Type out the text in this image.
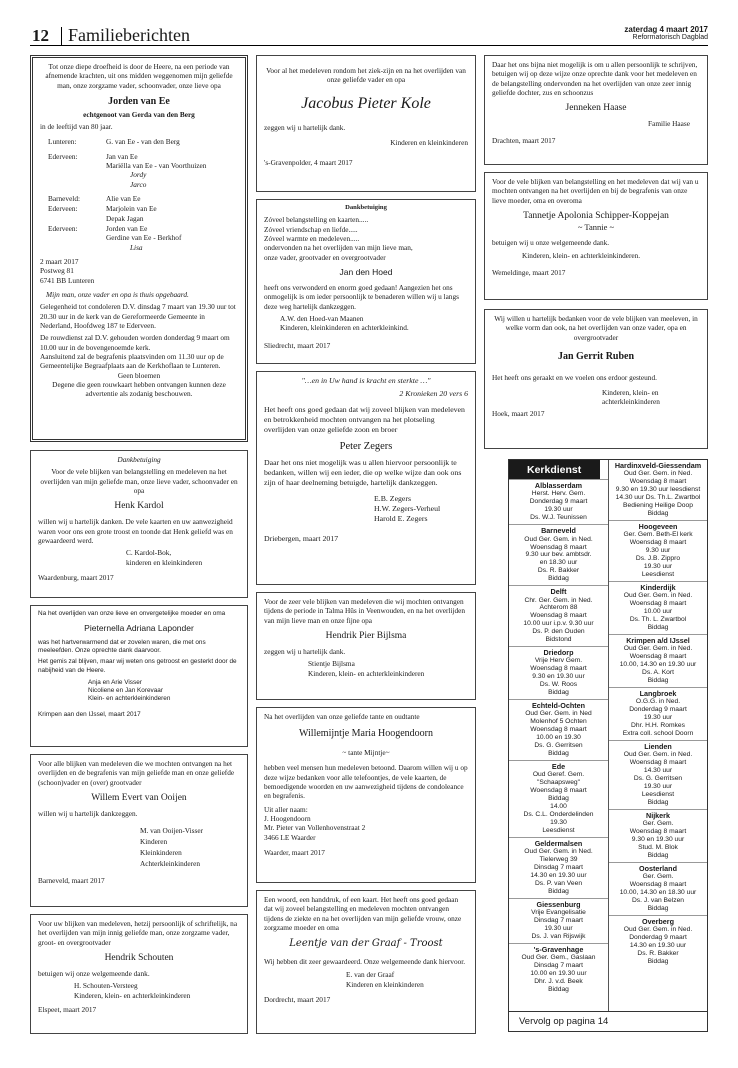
12 Familieberichten	zaterdag 4 maart 2017
Reformatorisch Dagblad

Tot onze diepe droefheid is door de Heere, na een periode van afnemende krachten, uit ons midden weggenomen mijn geliefde man, onze zorgzame vader, schoonvader, onze lieve opa

Jorden van Ee

echtgenoot van Gerda van den Berg

in de leeftijd van 80 jaar.

Lunteren:	G. van Ee - van den Berg
Ederveen:	Jan van Ee
Mariëlla van Ee - van Voorthuizen
Jordy
Jarco
Barneveld:	Alie van Ee
Ederveen:	Marjolein van Ee
Depak Jagan
Ederveen:	Jorden van Ee
Gerdine van Ee - Berkhof
Lisa
2 maart 2017
Postweg 81
6741 BB Lunteren

Mijn man, onze vader en opa is thuis opgebaard.

Gelegenheid tot condoleren D.V. dinsdag 7 maart van 19.30 uur tot 20.30 uur in de kerk van de Gereformeerde Gemeente in Nederland, Hoofdweg 187 te Ederveen.

De rouwdienst zal D.V. gehouden worden donderdag 9 maart om 10.00 uur in de bovengenoemde kerk.

Aansluitend zal de begrafenis plaatsvinden om 11.30 uur op de Gemeentelijke Begraafplaats aan de Kerkhoflaan te Lunteren.

Geen bloemen

Degene die geen rouwkaart hebben ontvangen kunnen deze advertentie als zodanig beschouwen.

Dankbetuiging

Voor de vele blijken van belangstelling en medeleven na het overlijden van mijn geliefde man, onze lieve vader, schoonvader en opa

Henk Kardol

willen wij u hartelijk danken. De vele kaarten en uw aanwezigheid waren voor ons een grote troost en toonde dat Henk geliefd was en gewaardeerd werd.

C. Kardol-Bok,
kinderen en kleinkinderen

Waardenburg, maart 2017

Na het overlijden van onze lieve en onvergetelijke moeder en oma

Pieternella Adriana Laponder

was het hartverwarmend dat er zovelen waren, die met ons meeleefden. Onze oprechte dank daarvoor.

Het gemis zal blijven, maar wij weten ons getroost en gesterkt door de nabijheid van de Heere.

Anja en Arie Visser
Nicoliene en Jan Korevaar
Klein- en achterkleinkinderen

Krimpen aan den IJssel, maart 2017

Voor alle blijken van medeleven die we mochten ontvangen na het overlijden en de begrafenis van mijn geliefde man en onze geliefde (schoon)vader en (over) grootvader

Willem Evert van Ooijen

willen wij u hartelijk dankzeggen.

M. van Ooijen-Visser
Kinderen
Kleinkinderen
Achterkleinkinderen

Barneveld, maart 2017

Voor uw blijken van medeleven, hetzij persoonlijk of schriftelijk, na het overlijden van mijn innig geliefde man, onze zorgzame vader, groot- en overgrootvader

Hendrik Schouten

betuigen wij onze welgemeende dank.

H. Schouten-Versteeg
Kinderen, klein- en achterkleinkinderen

Elspeet, maart 2017

Voor al het medeleven rondom het ziek-zijn en na het overlijden van onze geliefde vader en opa

Jacobus Pieter Kole

zeggen wij u hartelijk dank.

Kinderen en kleinkinderen

's-Gravenpolder, 4 maart 2017

Dankbetuiging

Zóveel belangstelling en kaarten.....
Zóveel vriendschap en liefde.....
Zóveel warmte en medeleven.....
ondervonden na het overlijden van mijn lieve man,
onze vader, grootvader en overgrootvader
Jan den Hoed

heeft ons verwonderd en enorm goed gedaan! Aangezien het ons onmogelijk is om ieder persoonlijk te benaderen willen wij u langs deze weg hartelijk dankzeggen.

A.W. den Hoed-van Maanen
Kinderen, kleinkinderen en achterkleinkind.

Sliedrecht, maart 2017

"…en in Uw hand is kracht en sterkte …"

2 Kronieken 20 vers 6

Het heeft ons goed gedaan dat wij zoveel blijken van medeleven en betrokkenheid mochten ontvangen na het plotseling overlijden van onze geliefde zoon en broer

Peter Zegers

Daar het ons niet mogelijk was u allen hiervoor persoonlijk te bedanken, willen wij een ieder, die op welke wijze dan ook ons zijn of haar deelneming betuigde, hartelijk dankzeggen.

E.B. Zegers
H.W. Zegers-Verheul
Harold E. Zegers

Driebergen, maart 2017

Voor de zeer vele blijken van medeleven die wij mochten ontvangen tijdens de periode in Talma Hûs in Veenwouden, en na het overlijden van mijn lieve man en onze fijne opa

Hendrik Pier Bijlsma

zeggen wij u hartelijk dank.

Stientje Bijlsma
Kinderen, klein- en achterkleinkinderen

Na het overlijden van onze geliefde tante en oudtante

Willemijntje Maria Hoogendoorn

~ tante Mijntje~

hebben veel mensen hun medeleven betoond. Daarom willen wij u op deze wijze bedanken voor alle telefoontjes, de vele kaarten, de bemoedigende woorden en uw aanwezigheid tijdens de condoleance en begrafenis.

Uit aller naam:
J. Hoogendoorn
Mr. Pieter van Vollenhovenstraat 2
3466 LE Waarder

Waarder, maart 2017

Een woord, een handdruk, of een kaart. Het heeft ons goed gedaan dat wij zoveel belangstelling en medeleven mochten ontvangen tijdens de ziekte en na het overlijden van mijn geliefde vrouw, onze zorgzame moeder en oma

Leentje van der Graaf - Troost

Wij hebben dit zeer gewaardeerd. Onze welgemeende dank hiervoor.

E. van der Graaf
Kinderen en kleinkinderen

Dordrecht, maart 2017

Daar het ons bijna niet mogelijk is om u allen persoonlijk te schrijven, betuigen wij op deze wijze onze oprechte dank voor het medeleven en de belangstelling ondervonden na het overlijden van onze zeer innig geliefde dochter, zus en schoonzus

Jenneken Haase

Familie Haase

Drachten, maart 2017

Voor de vele blijken van belangstelling en het medeleven dat wij van u mochten ontvangen na het overlijden en bij de begrafenis van onze lieve moeder, oma en overoma

Tannetje Apolonia Schipper-Koppejan

~ Tannie ~

betuigen wij u onze welgemeende dank.

Kinderen, klein- en achterkleinkinderen.

Wemeldinge, maart 2017

Wij willen u hartelijk bedanken voor de vele blijken van meeleven, in welke vorm dan ook, na het overlijden van onze vader, opa en overgrootvader

Jan Gerrit Ruben

Het heeft ons geraakt en we voelen ons erdoor gesteund.

Kinderen, klein- en
achterkleinkinderen

Hoek, maart 2017

Kerkdienst
Alblasserdam
Herst. Herv. Gem.
Donderdag 9 maart
19.30 uur
Ds. W.J. Teunissen
Barneveld
Oud Ger. Gem. in Ned.
Woensdag 8 maart
9.30 uur bev. ambtsdr.
en 18.30 uur
Ds. R. Bakker
Biddag
Delft
Chr. Ger. Gem. in Ned.
Achterom 88
Woensdag 8 maart
10.00 uur i.p.v. 9.30 uur
Ds. P. den Ouden
Bidstond
Driedorp
Vrije Herv Gem.
Woensdag 8 maart
9.30 en 19.30 uur
Ds. W. Roos
Biddag
Echteld-Ochten
Oud Ger. Gem. in Ned
Molenhof 5 Ochten
Woensdag 8 maart
10.00 en 19.30
Ds. G. Gerritsen
Biddag
Ede
Oud Geref. Gem.
"Schaapsweg"
Woensdag 8 maart
Biddag
14.00
Ds. C.L. Onderdelinden
19.30
Leesdienst
Geldermalsen
Oud Ger. Gem. in Ned.
Tielerweg 39
Dinsdag 7 maart
14.30 en 19.30 uur
Ds. P. van Veen
Biddag
Giessenburg
Vrije Evangelisatie
Dinsdag 7 maart
19.30 uur
Ds. J. van Rijswijk
's-Gravenhage
Oud Ger. Gem., Gaslaan
Dinsdag 7 maart
10.00 en 19.30 uur
Dhr. J. v.d. Beek
Biddag
Hardinxveld-Giessendam
Oud Ger. Gem. in Ned.
Woensdag 8 maart
9.30 en 19.30 uur leesdienst
14.30 uur Ds. Th.L. Zwartbol
Bediening Heilige Doop
Biddag
Hoogeveen
Ger. Gem. Beth-El kerk
Woensdag 8 maart
9.30 uur
Ds. J.B. Zippro
19.30 uur
Leesdienst
Kinderdijk
Oud Ger. Gem. in Ned.
Woensdag 8 maart
10.00 uur
Ds. Th. L. Zwartbol
Biddag
Krimpen a/d IJssel
Oud Ger. Gem. in Ned.
Woensdag 8 maart
10.00, 14.30 en 19.30 uur
Ds. A. Kort
Biddag
Langbroek
O.G.G. in Ned.
Donderdag 9 maart
19.30 uur
Dhr. H.H. Romkes
Extra coll. school Doorn
Lienden
Oud Ger. Gem. in Ned.
Woensdag 8 maart
14.30 uur
Ds. G. Gerritsen
19.30 uur
Leesdienst
Biddag
Nijkerk
Ger. Gem.
Woensdag 8 maart
9.30 en 19.30 uur
Stud. M. Blok
Biddag
Oosterland
Ger. Gem.
Woensdag 8 maart
10.00, 14.30 en 18.30 uur
Ds. J. van Belzen
Biddag
Overberg
Oud Ger. Gem. in Ned.
Donderdag 9 maart
14.30 en 19.30 uur
Ds. R. Bakker
Biddag
Vervolg op pagina 14
